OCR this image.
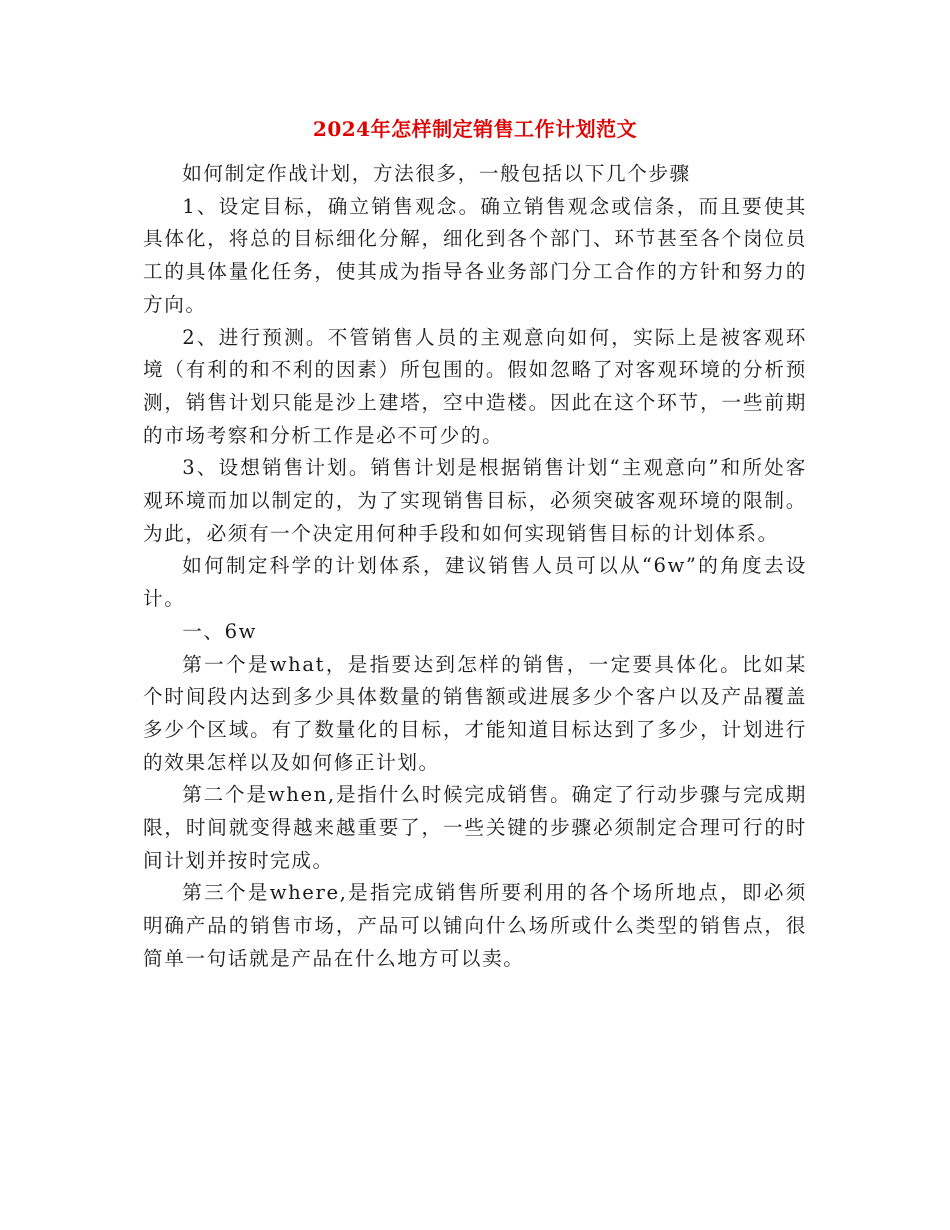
2024年怎样制定销售工作计划范文

如何制定作战计划，方法很多，一般包括以下几个步骤

1、设定目标，确立销售观念。确立销售观念或信条，而且要使其具体化，将总的目标细化分解，细化到各个部门、环节甚至各个岗位员工的具体量化任务，使其成为指导各业务部门分工合作的方针和努力的方向。

2、进行预测。不管销售人员的主观意向如何，实际上是被客观环境（有利的和不利的因素）所包围的。假如忽略了对客观环境的分析预测，销售计划只能是沙上建塔，空中造楼。因此在这个环节，一些前期的市场考察和分析工作是必不可少的。

3、设想销售计划。销售计划是根据销售计划“主观意向”和所处客观环境而加以制定的，为了实现销售目标，必须突破客观环境的限制。为此，必须有一个决定用何种手段和如何实现销售目标的计划体系。

如何制定科学的计划体系，建议销售人员可以从“6w”的角度去设计。

一、6w

第一个是what，是指要达到怎样的销售，一定要具体化。比如某个时间段内达到多少具体数量的销售额或进展多少个客户以及产品覆盖多少个区域。有了数量化的目标，才能知道目标达到了多少，计划进行的效果怎样以及如何修正计划。

第二个是when,是指什么时候完成销售。确定了行动步骤与完成期限，时间就变得越来越重要了，一些关键的步骤必须制定合理可行的时间计划并按时完成。

第三个是where,是指完成销售所要利用的各个场所地点，即必须明确产品的销售市场，产品可以铺向什么场所或什么类型的销售点，很简单一句话就是产品在什么地方可以卖。
